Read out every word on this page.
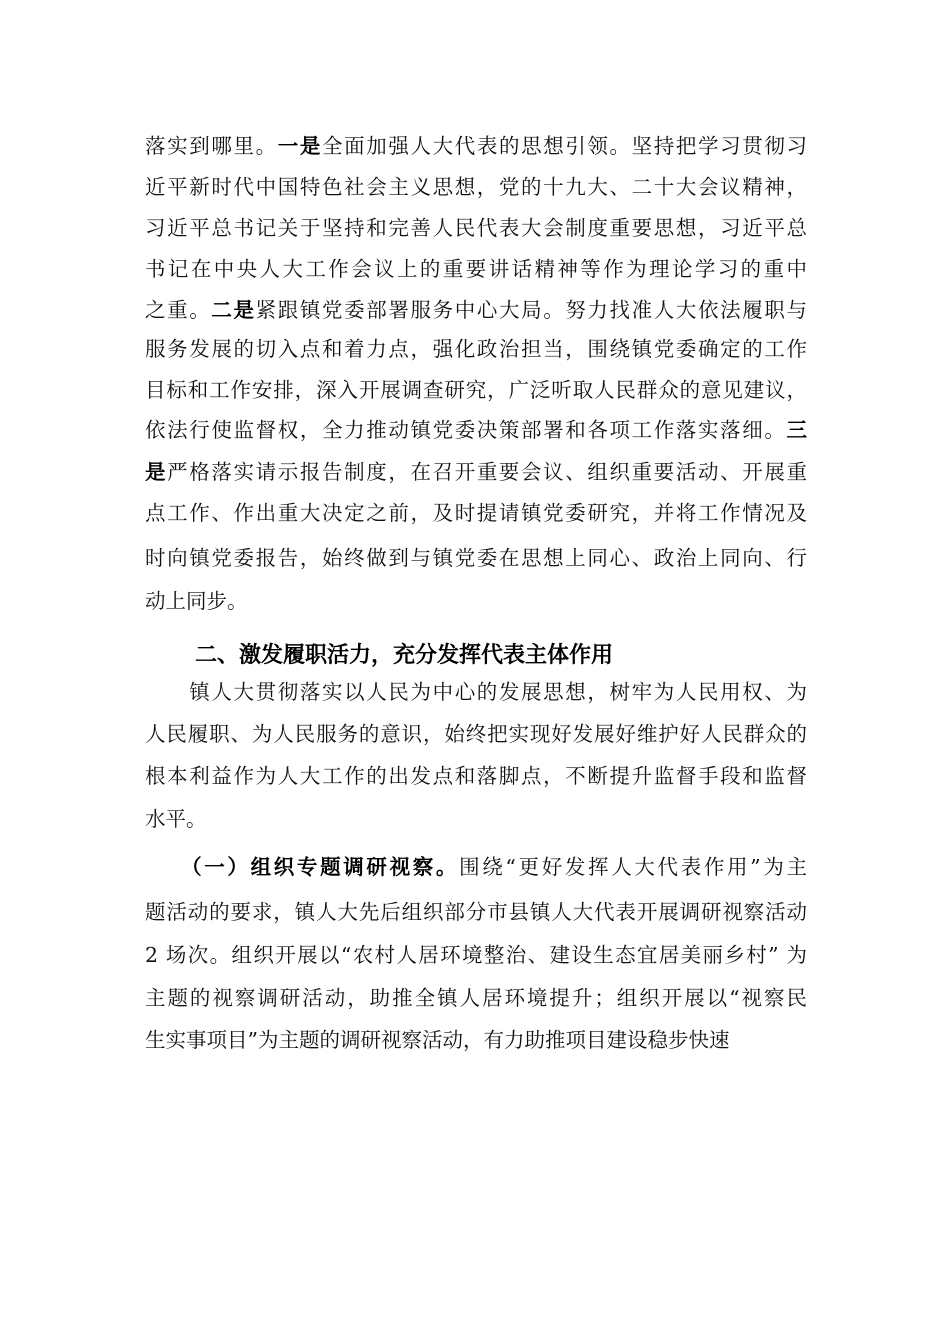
落实到哪里。一是全面加强人大代表的思想引领。坚持把学习贯彻习
近平新时代中国特色社会主义思想，党的十九大、二十大会议精神，
习近平总书记关于坚持和完善人民代表大会制度重要思想，习近平总
书记在中央人大工作会议上的重要讲话精神等作为理论学习的重中
之重。二是紧跟镇党委部署服务中心大局。努力找准人大依法履职与
服务发展的切入点和着力点，强化政治担当，围绕镇党委确定的工作
目标和工作安排，深入开展调查研究，广泛听取人民群众的意见建议，
依法行使监督权，全力推动镇党委决策部署和各项工作落实落细。三
是严格落实请示报告制度，在召开重要会议、组织重要活动、开展重
点工作、作出重大决定之前，及时提请镇党委研究，并将工作情况及
时向镇党委报告，始终做到与镇党委在思想上同心、政治上同向、行
动上同步。
二、激发履职活力，充分发挥代表主体作用
　　镇人大贯彻落实以人民为中心的发展思想，树牢为人民用权、为
人民履职、为人民服务的意识，始终把实现好发展好维护好人民群众的
根本利益作为人大工作的出发点和落脚点，不断提升监督手段和监督
水平。
　　（一）组织专题调研视察。围绕“更好发挥人大代表作用”为主
题活动的要求，镇人大先后组织部分市县镇人大代表开展调研视察活动
2 场次。组织开展以“农村人居环境整治、建设生态宜居美丽乡村” 为
主题的视察调研活动，助推全镇人居环境提升；组织开展以“视察民
生实事项目”为主题的调研视察活动，有力助推项目建设稳步快速
